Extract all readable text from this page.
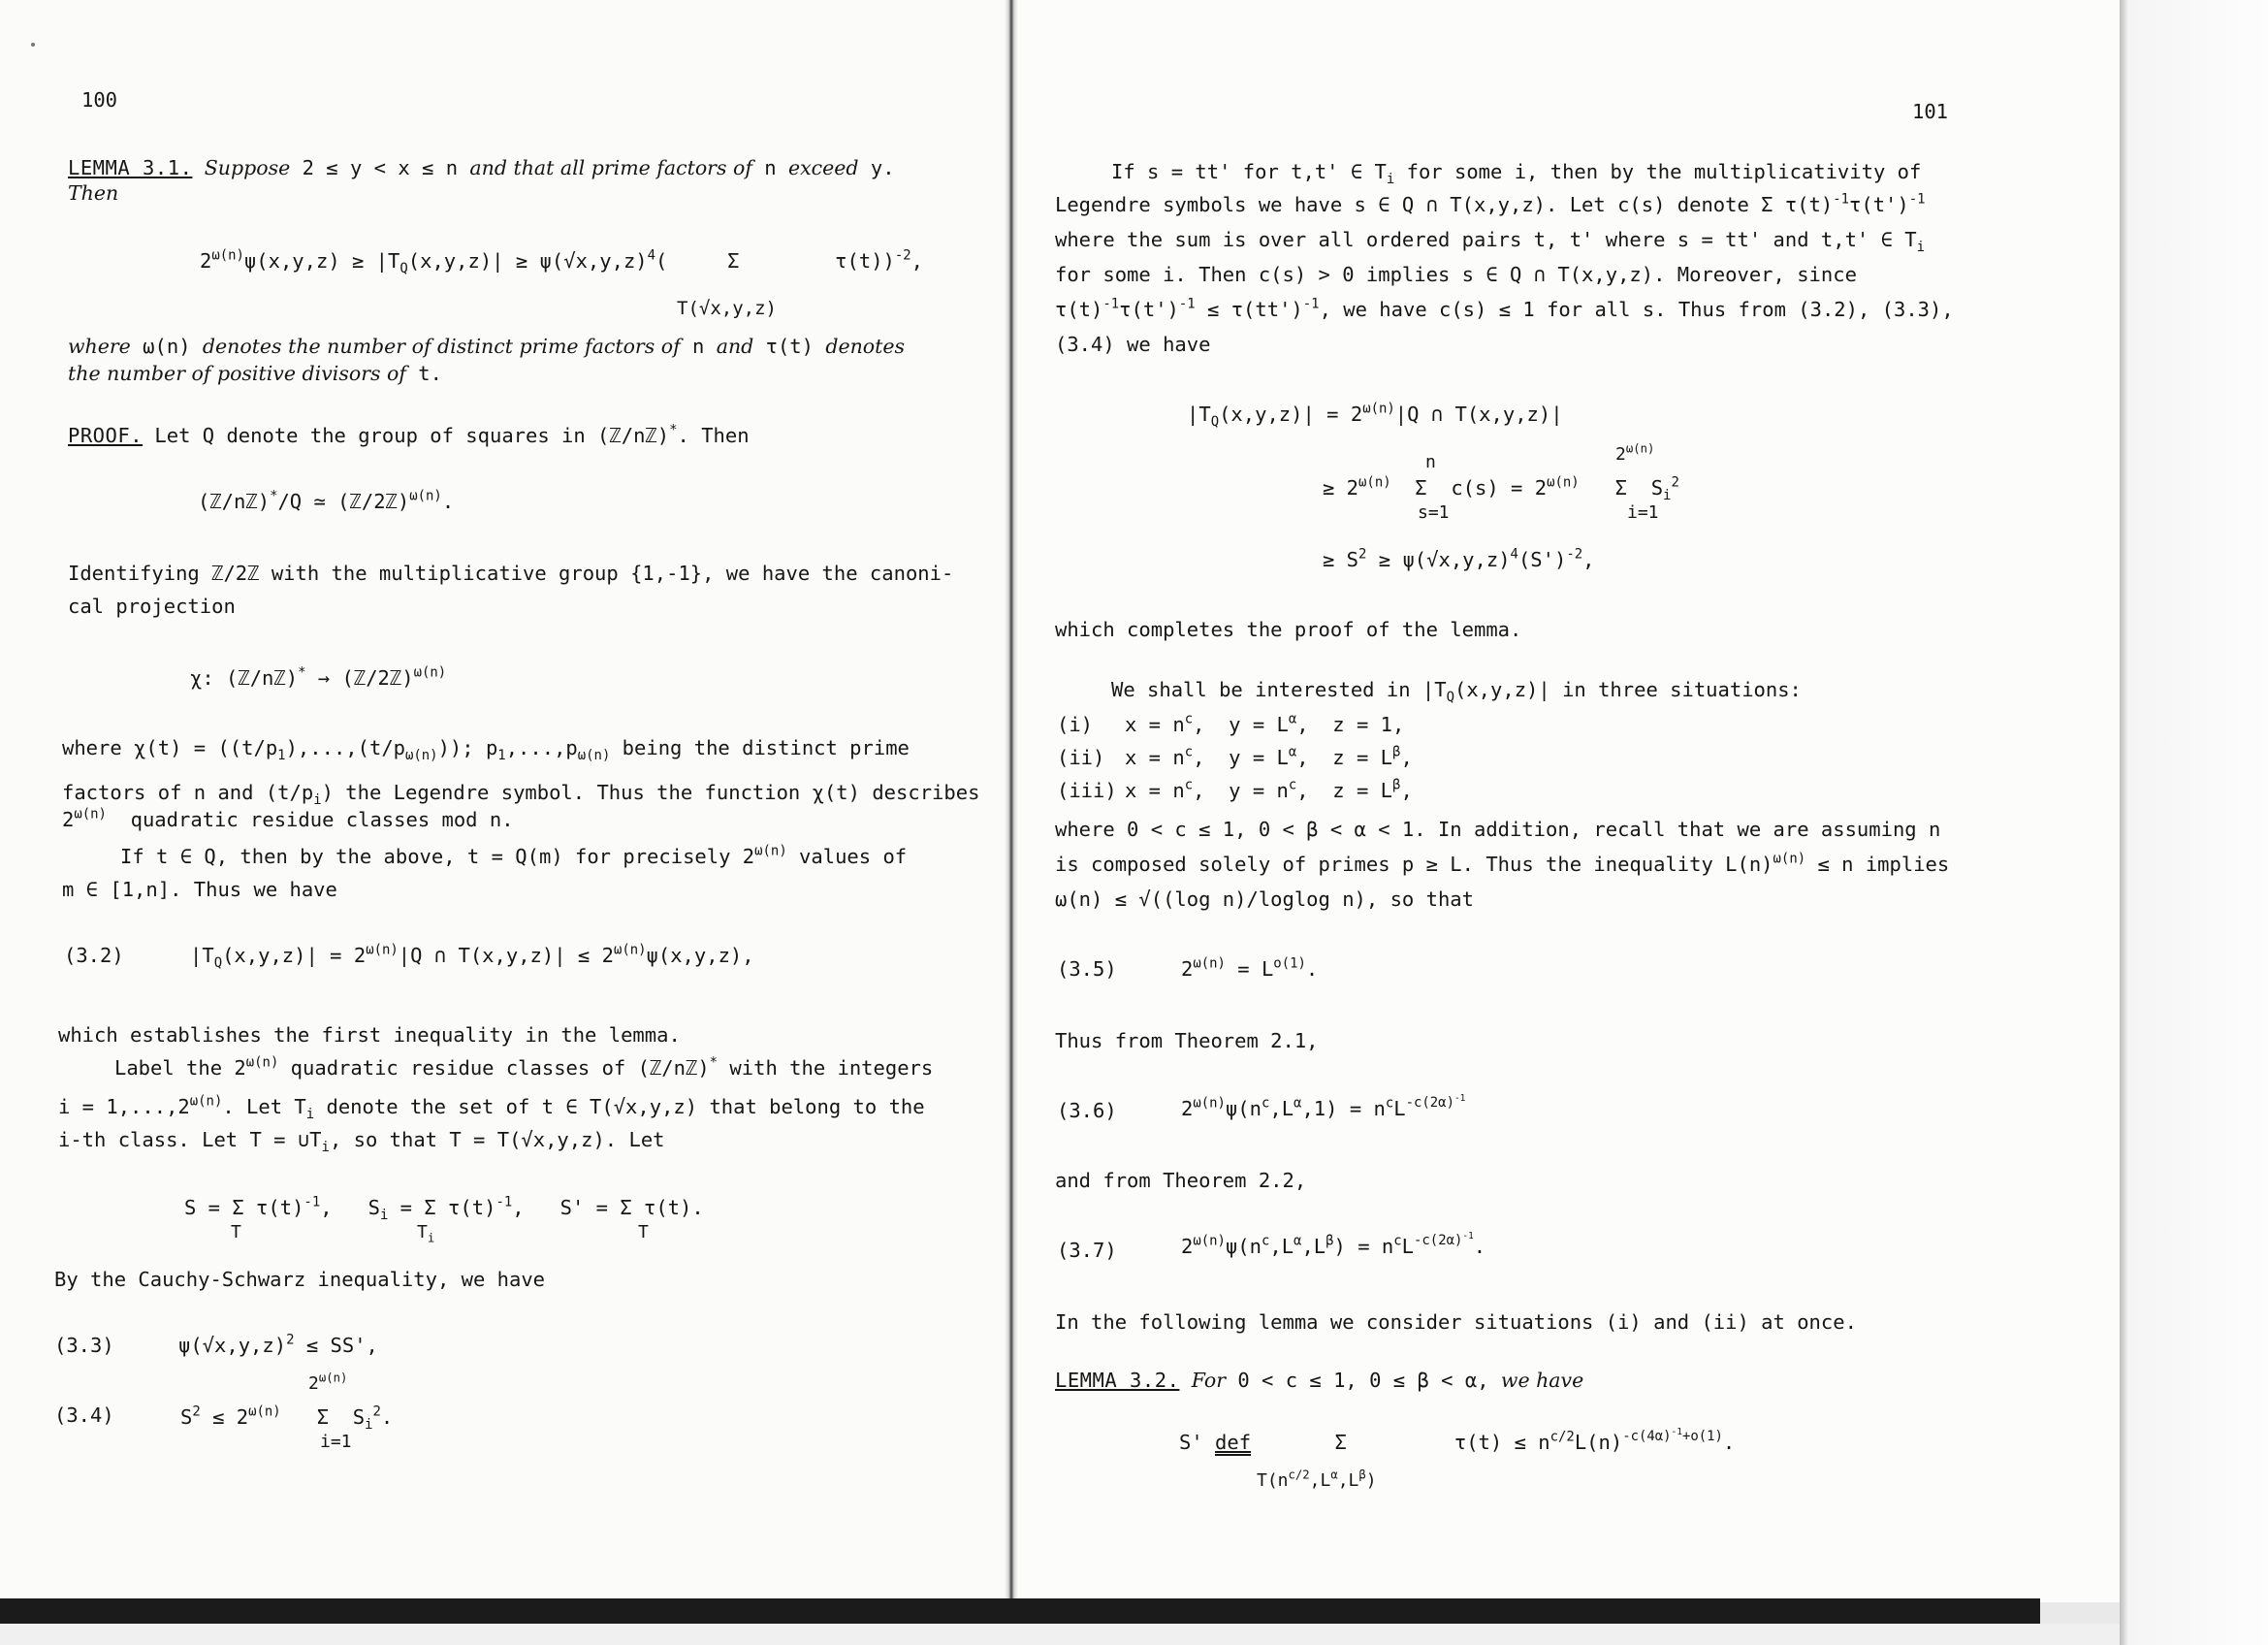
100
LEMMA 3.1. Suppose 2 ≤ y < x ≤ n and that all prime factors of n exceed y.
Then
$2^{\omega(n)}\psi(x,y,z) \ge |T_Q(x,y,z)| \ge \psi(√x,y,z)^4$(     Σ        τ(t))$^{-2}$,
T(√x,y,z)
where ω(n) denotes the number of distinct prime factors of n and τ(t) denotes
the number of positive divisors of t.
PROOF. Let Q denote the group of squares in (ℤ/nℤ)*. Then
(ℤ/nℤ)*/Q ≃ (ℤ/2ℤ)$^{\omega(n)}$.
Identifying ℤ/2ℤ with the multiplicative group {1,-1}, we have the canoni-
cal projection
χ: (ℤ/nℤ)* → (ℤ/2ℤ)$^{\omega(n)}$
where $\chi(t) = ((t/p_1),...,(t/p_{\omega(n)}))$; $p_1,...,p_{\omega(n)}$ being the distinct prime
factors of n and $(t/p_i)$ the Legendre symbol. Thus the function χ(t) describes
$2^{\omega(n)}$  quadratic residue classes mod n.
If t ∈ Q, then by the above, t = Q(m) for precisely $2^{\omega(n)}$ values of
m ∈ [1,n]. Thus we have
(3.2)	$|T_Q(x,y,z)| = 2^{\omega(n)}|Q$ ∩ $T(x,y,z)| \le 2^{\omega(n)}\psi(x,y,z)$,
which establishes the first inequality in the lemma.
Label the $2^{\omega(n)}$ quadratic residue classes of (ℤ/nℤ)* with the integers
$i = 1,...,2^{\omega(n)}$. Let $T_i$ denote the set of t ∈ T(√x,y,z) that belong to the
i-th class. Let $T = \cup T_i$, so that T = T(√x,y,z). Let
S = Σ $\tau(t)^{-1}$,   $S_i = \Sigma$ $\tau(t)^{-1}$,   S' = Σ τ(t).
T	$T_i$	T
By the Cauchy-Schwarz inequality, we have
(3.3)	$\psi(√x,y,z)^2 \le SS'$,
(3.4)	$S^2 \le 2^{\omega(n)}$   Σ  $S_i^2$.
$2^{\omega(n)}$
i=1
101
If s = tt' for t,t' ∈ $T_i$ for some i, then by the multiplicativity of
Legendre symbols we have s ∈ Q ∩ T(x,y,z). Let c(s) denote Σ $\tau(t)^{-1}\tau(t')^{-1}$
where the sum is over all ordered pairs t, t' where s = tt' and t,t' ∈ $T_i$
for some i. Then c(s) > 0 implies s ∈ Q ∩ T(x,y,z). Moreover, since
$\tau(t)^{-1}\tau(t')^{-1} \le \tau(tt')^{-1}$, we have c(s) ≤ 1 for all s. Thus from (3.2), (3.3),
(3.4) we have
$|T_Q(x,y,z)| = 2^{\omega(n)}|Q$ ∩ T(x,y,z)|
≥ $2^{\omega(n)}$  Σ  $c(s) = 2^{\omega(n)}$   Σ  $S_i^2$
n
s=1
$2^{\omega(n)}$
i=1
≥ $S^2 \ge \psi(√x,y,z)^4(S')^{-2}$,
which completes the proof of the lemma.
We shall be interested in $|T_Q(x,y,z)|$ in three situations:
(i) $x = n^c$,  $y = L^\alpha$,  z = 1,
(ii) $x = n^c$,  $y = L^\alpha$,  $z = L^\beta$,
(iii) $x = n^c$,  $y = n^c$,  $z = L^\beta$,
where 0 < c ≤ 1, 0 < β < α < 1. In addition, recall that we are assuming n
is composed solely of primes p ≥ L. Thus the inequality $L(n)^{\omega(n)} \le n$ implies
ω(n) ≤ √((log n)/loglog n), so that
(3.5)	$2^{\omega(n)} = L^{o(1)}$.
Thus from Theorem 2.1,
(3.6)	$2^{\omega(n)}\psi(n^c,L^\alpha,1) = n^cL^{-c(2\alpha)^{-1}}$
and from Theorem 2.2,
(3.7)	$2^{\omega(n)}\psi(n^c,L^\alpha,L^\beta) = n^cL^{-c(2\alpha)^{-1}}$.
In the following lemma we consider situations (i) and (ii) at once.
LEMMA 3.2. For 0 < c ≤ 1, 0 ≤ β < α, we have
S' def       Σ         $\tau(t) \le n^{c/2}L(n)^{-c(4\alpha)^{-1}+o(1)}$.
$T(n^{c/2},L^\alpha,L^\beta)$
